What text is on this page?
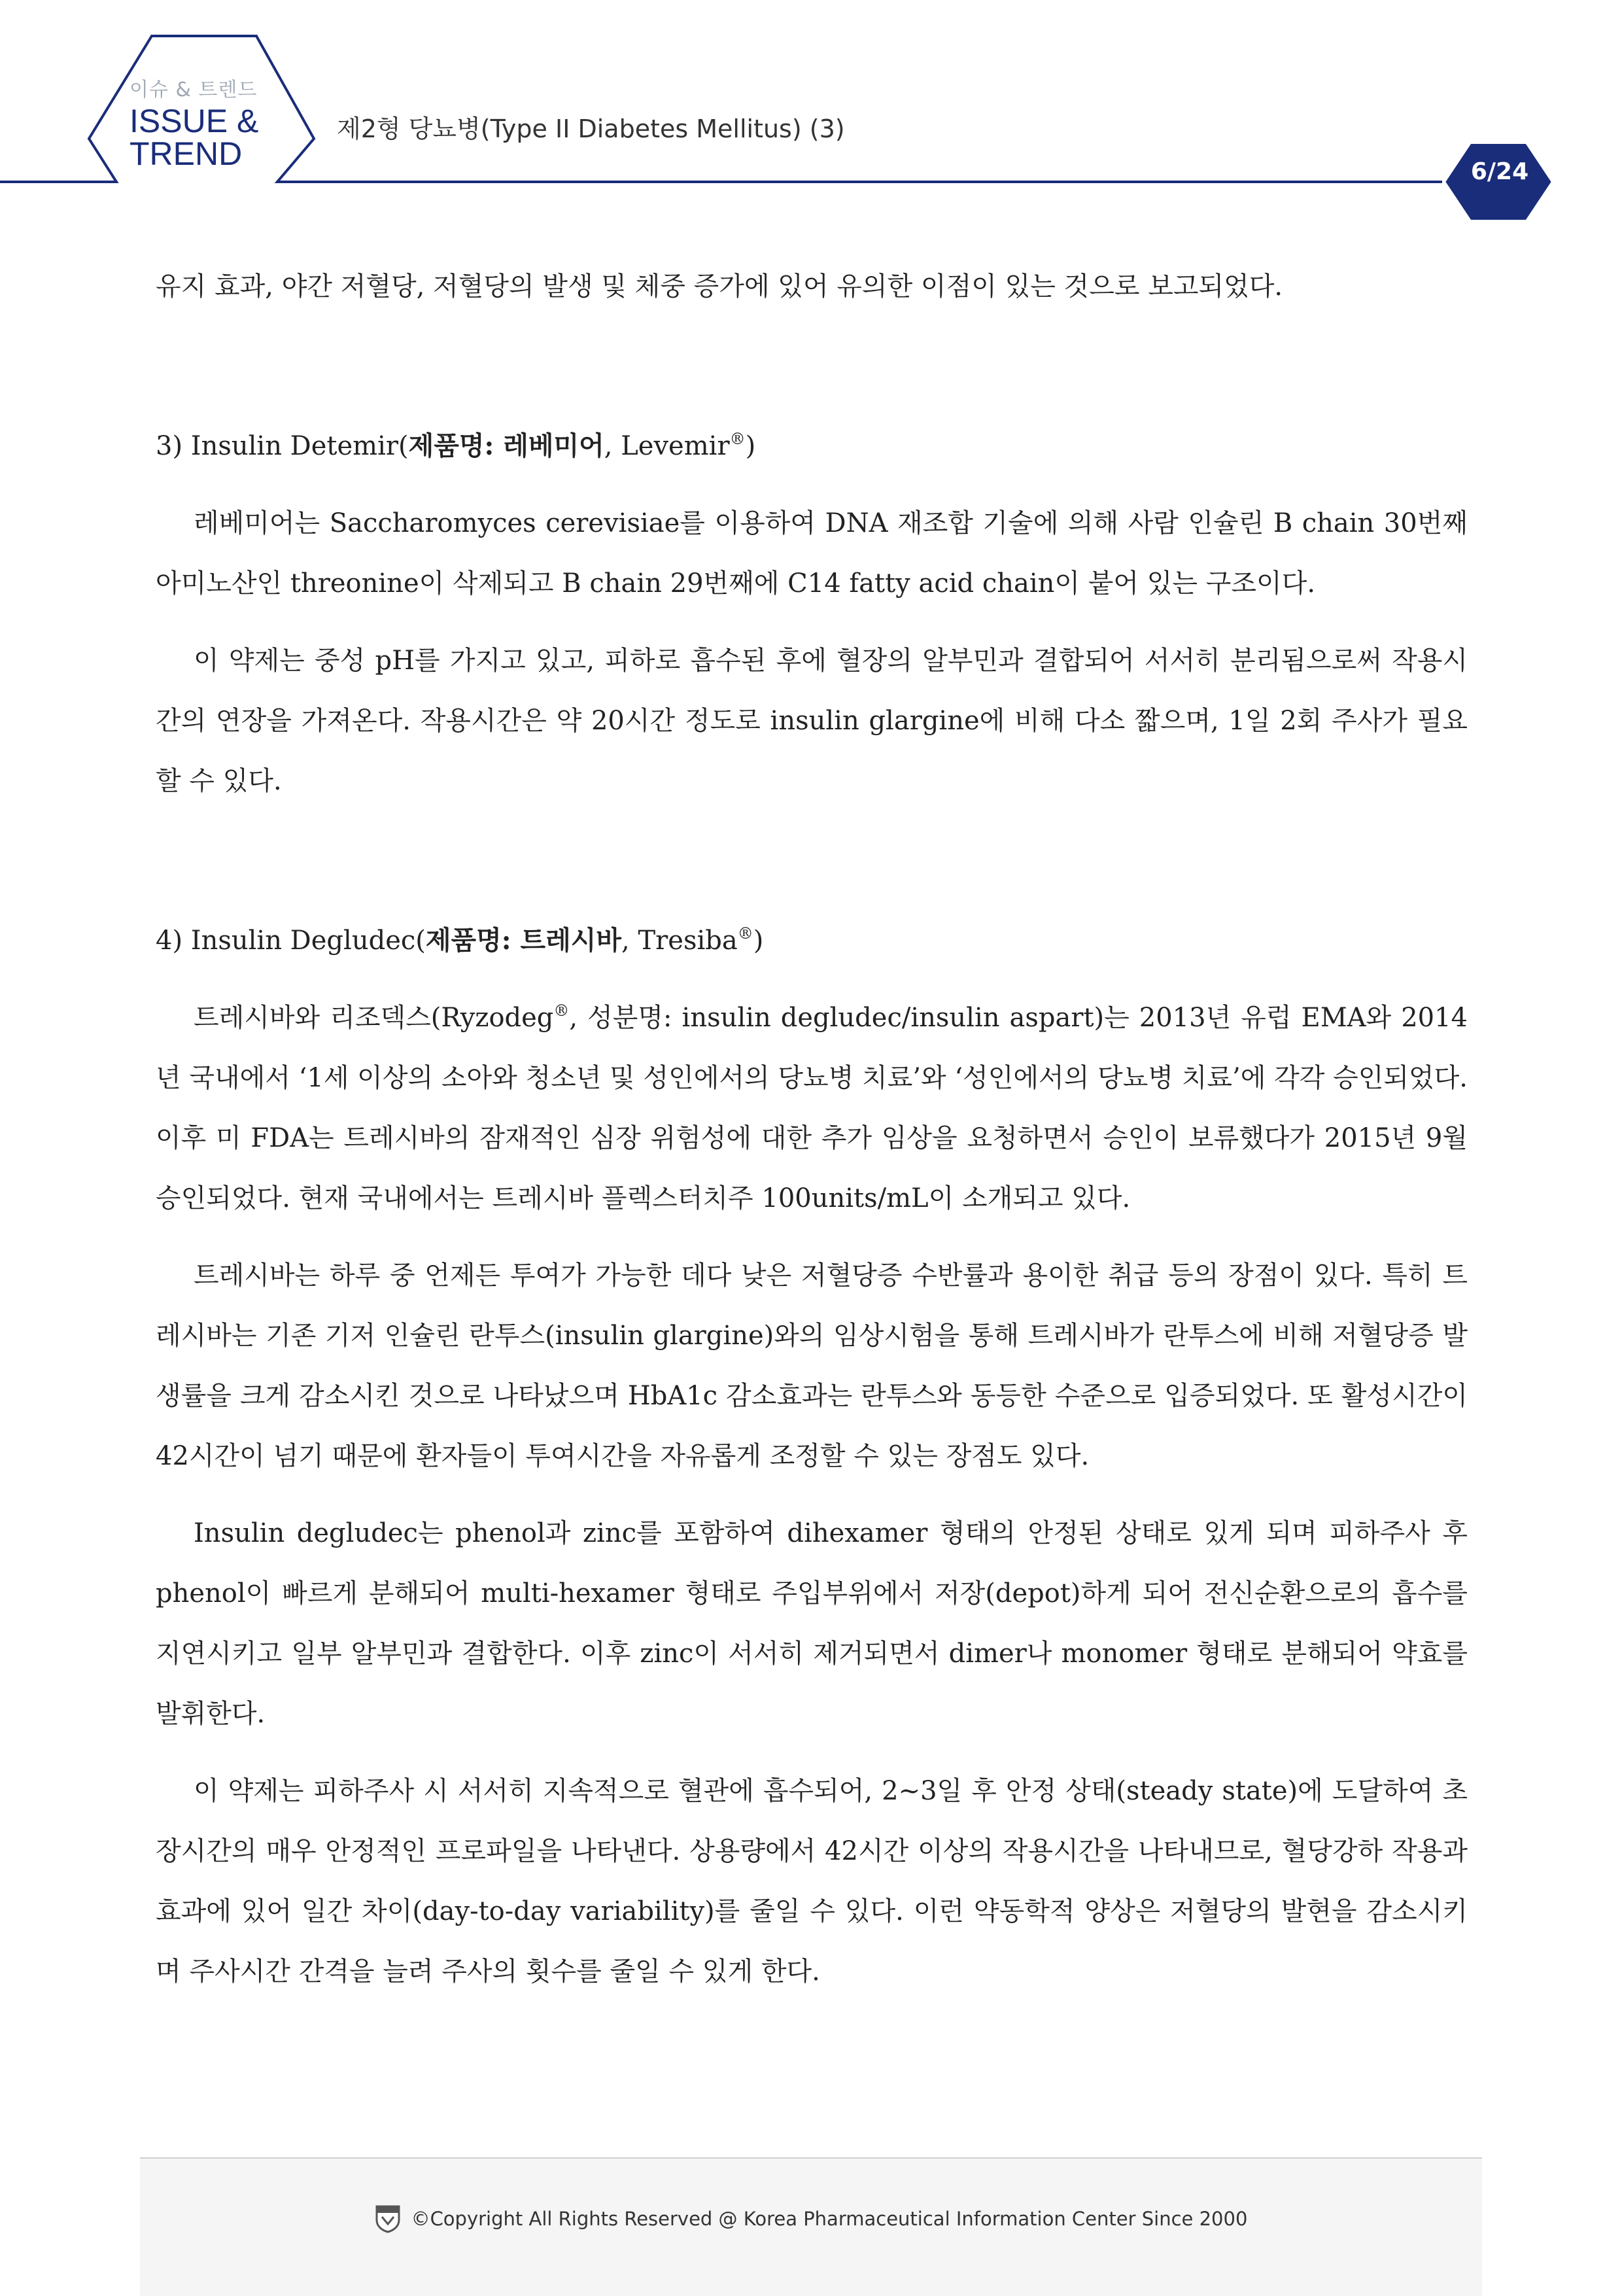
이슈 & 트렌드
ISSUE &
TREND
제2형 당뇨병(Type II Diabetes Mellitus) (3)
6/24

유지 효과, 야간 저혈당, 저혈당의 발생 및 체중 증가에 있어 유의한 이점이 있는 것으로 보고되었다.

3) Insulin Detemir(제품명: 레베미어, Levemir®)

레베미어는 Saccharomyces cerevisiae를 이용하여 DNA 재조합 기술에 의해 사람 인슐린 B chain 30번째 아미노산인 threonine이 삭제되고 B chain 29번째에 C14 fatty acid chain이 붙어 있는 구조이다.

이 약제는 중성 pH를 가지고 있고, 피하로 흡수된 후에 혈장의 알부민과 결합되어 서서히 분리됨으로써 작용시간의 연장을 가져온다. 작용시간은 약 20시간 정도로 insulin glargine에 비해 다소 짧으며, 1일 2회 주사가 필요할 수 있다.

4) Insulin Degludec(제품명: 트레시바, Tresiba®)

트레시바와 리조덱스(Ryzodeg®, 성분명: insulin degludec/insulin aspart)는 2013년 유럽 EMA와 2014년 국내에서 ‘1세 이상의 소아와 청소년 및 성인에서의 당뇨병 치료’와 ‘성인에서의 당뇨병 치료’에 각각 승인되었다. 이후 미 FDA는 트레시바의 잠재적인 심장 위험성에 대한 추가 임상을 요청하면서 승인이 보류했다가 2015년 9월 승인되었다. 현재 국내에서는 트레시바 플렉스터치주 100units/mL이 소개되고 있다.

트레시바는 하루 중 언제든 투여가 가능한 데다 낮은 저혈당증 수반률과 용이한 취급 등의 장점이 있다. 특히 트레시바는 기존 기저 인슐린 란투스(insulin glargine)와의 임상시험을 통해 트레시바가 란투스에 비해 저혈당증 발생률을 크게 감소시킨 것으로 나타났으며 HbA1c 감소효과는 란투스와 동등한 수준으로 입증되었다. 또 활성시간이 42시간이 넘기 때문에 환자들이 투여시간을 자유롭게 조정할 수 있는 장점도 있다.

Insulin degludec는 phenol과 zinc를 포함하여 dihexamer 형태의 안정된 상태로 있게 되며 피하주사 후 phenol이 빠르게 분해되어 multi-hexamer 형태로 주입부위에서 저장(depot)하게 되어 전신순환으로의 흡수를 지연시키고 일부 알부민과 결합한다. 이후 zinc이 서서히 제거되면서 dimer나 monomer 형태로 분해되어 약효를 발휘한다.

이 약제는 피하주사 시 서서히 지속적으로 혈관에 흡수되어, 2~3일 후 안정 상태(steady state)에 도달하여 초장시간의 매우 안정적인 프로파일을 나타낸다. 상용량에서 42시간 이상의 작용시간을 나타내므로, 혈당강하 작용과 효과에 있어 일간 차이(day-to-day variability)를 줄일 수 있다. 이런 약동학적 양상은 저혈당의 발현을 감소시키며 주사시간 간격을 늘려 주사의 횟수를 줄일 수 있게 한다.

©Copyright All Rights Reserved @ Korea Pharmaceutical Information Center Since 2000
